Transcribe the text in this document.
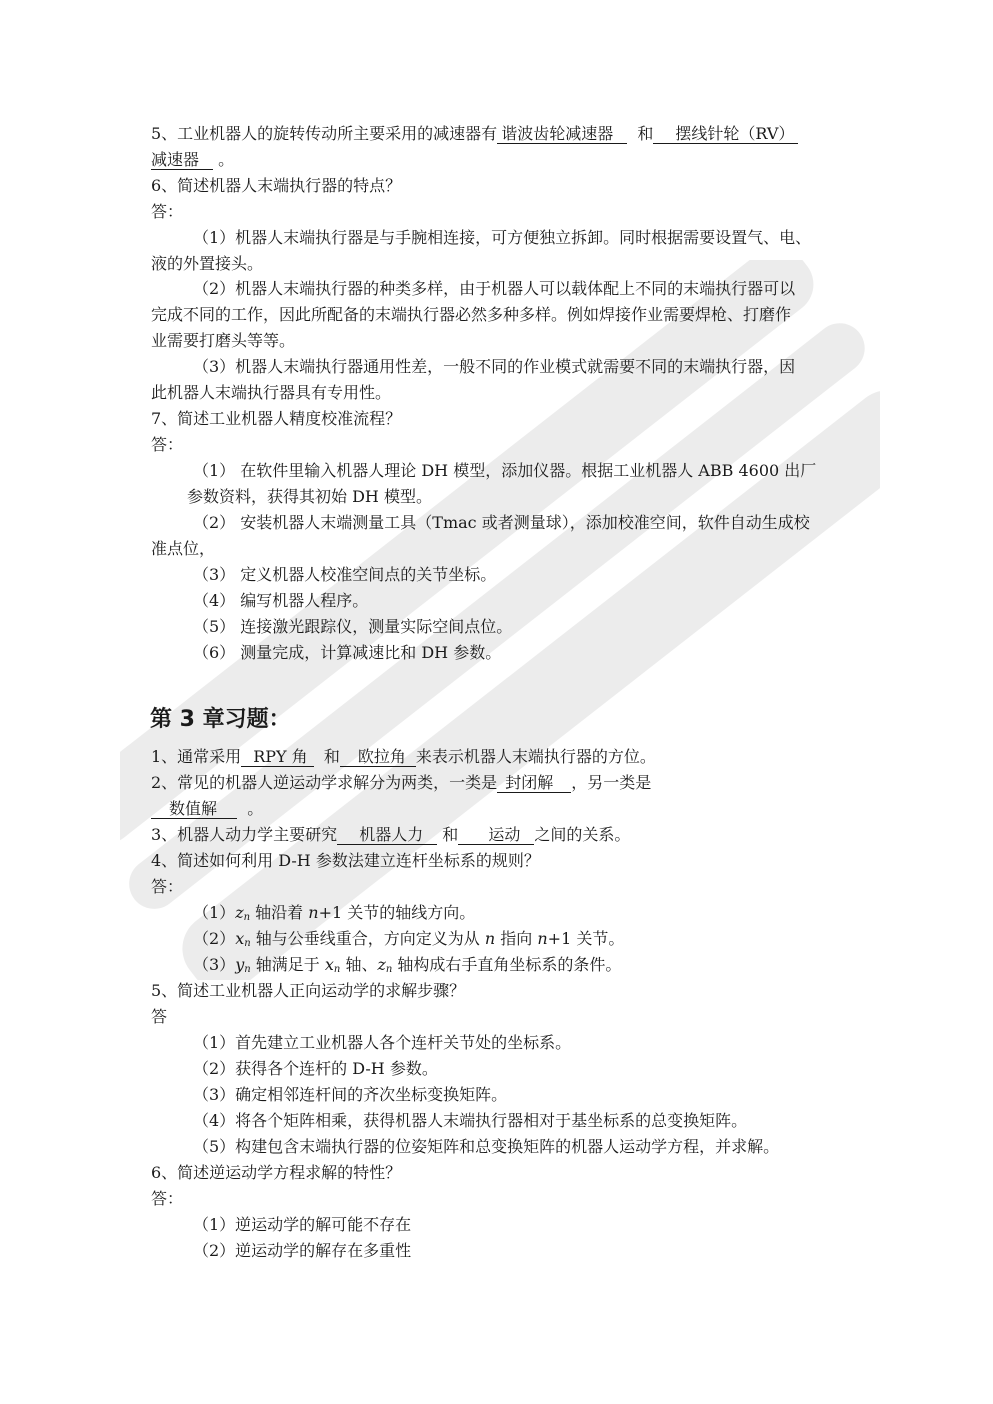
5、工业机器人的旋转传动所主要采用的减速器有 谐波齿轮减速器 和 摆线针轮（RV）
减速器 。
6、简述机器人末端执行器的特点？
答：
（1）机器人末端执行器是与手腕相连接，可方便独立拆卸。同时根据需要设置气、电、
液的外置接头。
（2）机器人末端执行器的种类多样，由于机器人可以载体配上不同的末端执行器可以
完成不同的工作，因此所配备的末端执行器必然多种多样。例如焊接作业需要焊枪、打磨作
业需要打磨头等等。
（3）机器人末端执行器通用性差，一般不同的作业模式就需要不同的末端执行器，因
此机器人末端执行器具有专用性。
7、简述工业机器人精度校准流程？
答：
（1） 在软件里输入机器人理论 DH 模型，添加仪器。根据工业机器人 ABB 4600 出厂
参数资料，获得其初始 DH 模型。
（2） 安装机器人末端测量工具（Tmac 或者测量球），添加校准空间，软件自动生成校
准点位，
（3） 定义机器人校准空间点的关节坐标。
（4） 编写机器人程序。
（5） 连接激光跟踪仪，测量实际空间点位。
（6） 测量完成，计算减速比和 DH 参数。
第 3 章习题：
1、通常采用 RPY 角 和 欧拉角 来表示机器人末端执行器的方位。
2、常见的机器人逆运动学求解分为两类，一类是 封闭解 ，另一类是
数值解 。
3、机器人动力学主要研究 机器人力 和 运动 之间的关系。
4、简述如何利用 D-H 参数法建立连杆坐标系的规则？
答：
$(1)z_n$ 轴沿着 n+1 关节的轴线方向。
$(2)x_n$ 轴与公垂线重合，方向定义为从 n 指向 n+1 关节。
$(3)y_n$ 轴满足于 $x_n$ 轴、$z_n$ 轴构成右手直角坐标系的条件。
5、简述工业机器人正向运动学的求解步骤？
答
（1）首先建立工业机器人各个连杆关节处的坐标系。
（2）获得各个连杆的 D-H 参数。
（3）确定相邻连杆间的齐次坐标变换矩阵。
（4）将各个矩阵相乘，获得机器人末端执行器相对于基坐标系的总变换矩阵。
（5）构建包含末端执行器的位姿矩阵和总变换矩阵的机器人运动学方程，并求解。
6、简述逆运动学方程求解的特性？
答：
（1）逆运动学的解可能不存在
（2）逆运动学的解存在多重性
